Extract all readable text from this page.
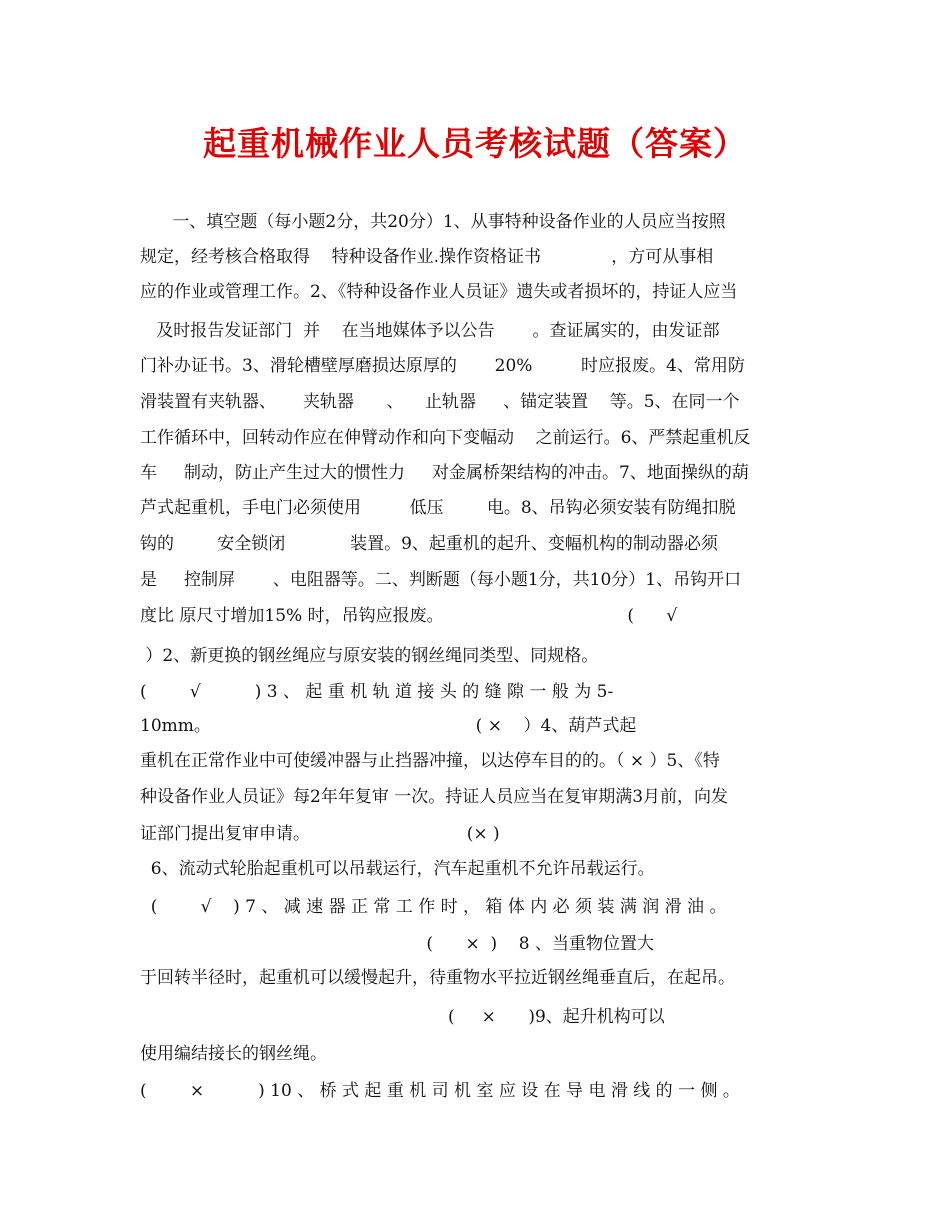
起重机械作业人员考核试题（答案）
一、填空题（每小题2分，共20分）1、从事特种设备作业的人员应当按照
规定，经考核合格取得    特种设备作业.操作资格证书             ，方可从事相
应的作业或管理工作。2、《特种设备作业人员证》遗失或者损坏的，持证人应当
及时报告发证部门  并    在当地媒体予以公告       。查证属实的，由发证部
门补办证书。3、滑轮槽壁厚磨损达原厚的       20%         时应报废。4、常用防
滑装置有夹轨器、     夹轨器      、    止轨器     、锚定装置    等。5、在同一个
工作循环中，回转动作应在伸臂动作和向下变幅动    之前运行。6、严禁起重机反
车     制动，防止产生过大的惯性力     对金属桥架结构的冲击。7、地面操纵的葫
芦式起重机，手电门必须使用         低压        电。8、吊钩必须安装有防绳扣脱
钩的        安全锁闭            装置。9、起重机的起升、变幅机构的制动器必须
是     控制屏       、电阻器等。二、判断题（每小题1分，共10分）1、吊钩开口
度比 原尺寸增加15% 时，吊钩应报废。                                  (      √
）2、新更换的钢丝绳应与原安装的钢丝绳同类型、同规格。
(        √          ) 3 、 起 重 机 轨 道 接 头 的 缝 隙 一 般 为 5-
10mm。                                                 ( ×    ）4、葫芦式起
重机在正常作业中可使缓冲器与止挡器冲撞，以达停车目的的。（ × ）5、《特
种设备作业人员证》每2年年复审 一次。持证人员应当在复审期满3月前，向发
证部门提出复审申请。                             (× )
6、流动式轮胎起重机可以吊载运行，汽车起重机不允许吊载运行。
(        √    ) 7 、 减 速 器 正 常 工 作 时 ， 箱 体 内 必 须 装 满 润 滑 油 。
(      ×  )    8 、当重物位置大
于回转半径时，起重机可以缓慢起升，待重物水平拉近钢丝绳垂直后，在起吊。
(     ×      )9、起升机构可以
使用编结接长的钢丝绳。
(        ×          ) 10 、 桥 式 起 重 机 司 机 室 应 设 在 导 电 滑 线 的 一 侧 。
